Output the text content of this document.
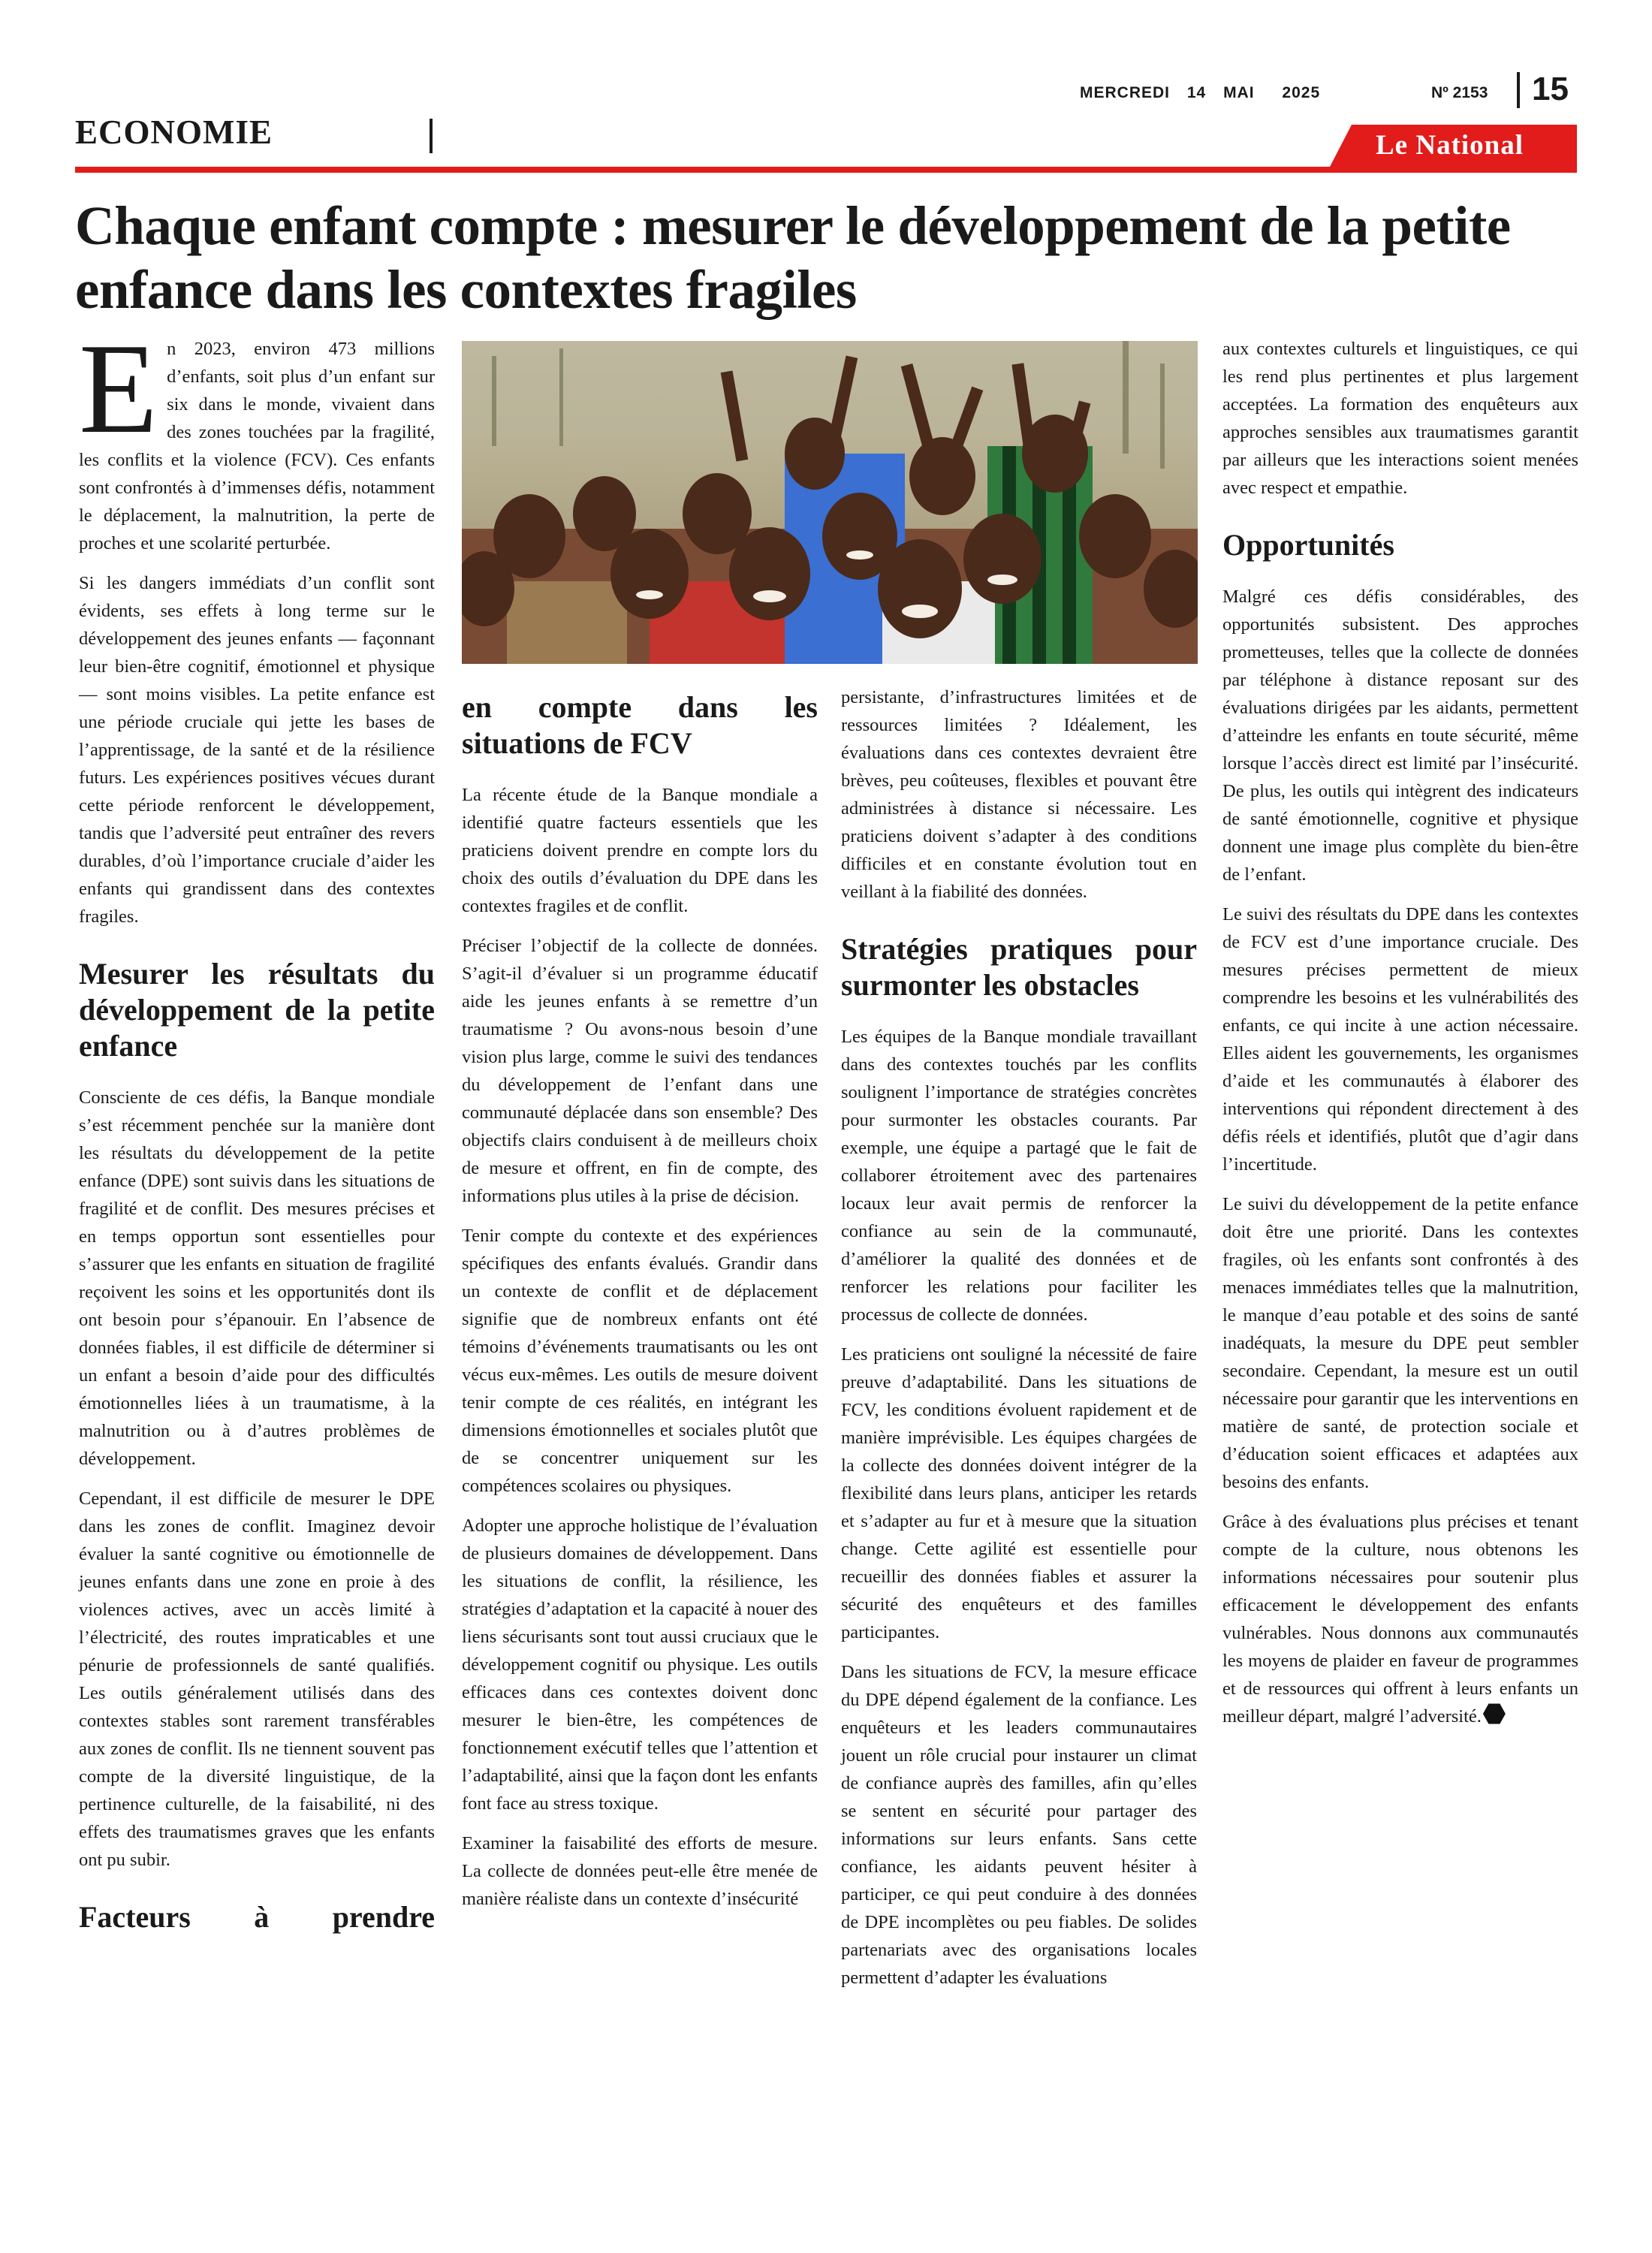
MERCREDI 14 MAI 2025	Nº 2153 15
ECONOMIE	Le National
Chaque enfant compte : mesurer le développement de la petite enfance dans les contextes fragiles

En 2023, environ 473 millions d’enfants, soit plus d’un enfant sur six dans le monde, vivaient dans des zones touchées par la fragilité, les conflits et la violence (FCV). Ces enfants sont confrontés à d’immenses défis, notamment le déplacement, la malnutrition, la perte de proches et une scolarité perturbée.

Si les dangers immédiats d’un conflit sont évidents, ses effets à long terme sur le développement des jeunes enfants — façonnant leur bien-être cognitif, émotionnel et physique — sont moins visibles. La petite enfance est une période cruciale qui jette les bases de l’apprentissage, de la santé et de la résilience futurs. Les expériences positives vécues durant cette période renforcent le développement, tandis que l’adversité peut entraîner des revers durables, d’où l’importance cruciale d’aider les enfants qui grandissent dans des contextes fragiles.

Mesurer les résultats du développement de la petite enfance

Consciente de ces défis, la Banque mondiale s’est récemment penchée sur la manière dont les résultats du développement de la petite enfance (DPE) sont suivis dans les situations de fragilité et de conflit. Des mesures précises et en temps opportun sont essentielles pour s’assurer que les enfants en situation de fragilité reçoivent les soins et les opportunités dont ils ont besoin pour s’épanouir. En l’absence de données fiables, il est difficile de déterminer si un enfant a besoin d’aide pour des difficultés émotionnelles liées à un traumatisme, à la malnutrition ou à d’autres problèmes de développement.

Cependant, il est difficile de mesurer le DPE dans les zones de conflit. Imaginez devoir évaluer la santé cognitive ou émotionnelle de jeunes enfants dans une zone en proie à des violences actives, avec un accès limité à l’électricité, des routes impraticables et une pénurie de professionnels de santé qualifiés. Les outils généralement utilisés dans des contextes stables sont rarement transférables aux zones de conflit. Ils ne tiennent souvent pas compte de la diversité linguistique, de la pertinence culturelle, de la faisabilité, ni des effets des traumatismes graves que les enfants ont pu subir.

Facteurs à prendre
en compte dans les situations de FCV

La récente étude de la Banque mondiale a identifié quatre facteurs essentiels que les praticiens doivent prendre en compte lors du choix des outils d’évaluation du DPE dans les contextes fragiles et de conflit.

Préciser l’objectif de la collecte de données. S’agit-il d’évaluer si un programme éducatif aide les jeunes enfants à se remettre d’un traumatisme ? Ou avons-nous besoin d’une vision plus large, comme le suivi des tendances du développement de l’enfant dans une communauté déplacée dans son ensemble? Des objectifs clairs conduisent à de meilleurs choix de mesure et offrent, en fin de compte, des informations plus utiles à la prise de décision.

Tenir compte du contexte et des expériences spécifiques des enfants évalués. Grandir dans un contexte de conflit et de déplacement signifie que de nombreux enfants ont été témoins d’événements traumatisants ou les ont vécus eux-mêmes. Les outils de mesure doivent tenir compte de ces réalités, en intégrant les dimensions émotionnelles et sociales plutôt que de se concentrer uniquement sur les compétences scolaires ou physiques.

Adopter une approche holistique de l’évaluation de plusieurs domaines de développement. Dans les situations de conflit, la résilience, les stratégies d’adaptation et la capacité à nouer des liens sécurisants sont tout aussi cruciaux que le développement cognitif ou physique. Les outils efficaces dans ces contextes doivent donc mesurer le bien-être, les compétences de fonctionnement exécutif telles que l’attention et l’adaptabilité, ainsi que la façon dont les enfants font face au stress toxique.

Examiner la faisabilité des efforts de mesure. La collecte de données peut-elle être menée de manière réaliste dans un contexte d’insécurité

persistante, d’infrastructures limitées et de ressources limitées ? Idéalement, les évaluations dans ces contextes devraient être brèves, peu coûteuses, flexibles et pouvant être administrées à distance si nécessaire. Les praticiens doivent s’adapter à des conditions difficiles et en constante évolution tout en veillant à la fiabilité des données.

Stratégies pratiques pour surmonter les obstacles

Les équipes de la Banque mondiale travaillant dans des contextes touchés par les conflits soulignent l’importance de stratégies concrètes pour surmonter les obstacles courants. Par exemple, une équipe a partagé que le fait de collaborer étroitement avec des partenaires locaux leur avait permis de renforcer la confiance au sein de la communauté, d’améliorer la qualité des données et de renforcer les relations pour faciliter les processus de collecte de données.

Les praticiens ont souligné la nécessité de faire preuve d’adaptabilité. Dans les situations de FCV, les conditions évoluent rapidement et de manière imprévisible. Les équipes chargées de la collecte des données doivent intégrer de la flexibilité dans leurs plans, anticiper les retards et s’adapter au fur et à mesure que la situation change. Cette agilité est essentielle pour recueillir des données fiables et assurer la sécurité des enquêteurs et des familles participantes.

Dans les situations de FCV, la mesure efficace du DPE dépend également de la confiance. Les enquêteurs et les leaders communautaires jouent un rôle crucial pour instaurer un climat de confiance auprès des familles, afin qu’elles se sentent en sécurité pour partager des informations sur leurs enfants. Sans cette confiance, les aidants peuvent hésiter à participer, ce qui peut conduire à des données de DPE incomplètes ou peu fiables. De solides partenariats avec des organisations locales permettent d’adapter les évaluations

aux contextes culturels et linguistiques, ce qui les rend plus pertinentes et plus largement acceptées. La formation des enquêteurs aux approches sensibles aux traumatismes garantit par ailleurs que les interactions soient menées avec respect et empathie.

Opportunités

Malgré ces défis considérables, des opportunités subsistent. Des approches prometteuses, telles que la collecte de données par téléphone à distance reposant sur des évaluations dirigées par les aidants, permettent d’atteindre les enfants en toute sécurité, même lorsque l’accès direct est limité par l’insécurité. De plus, les outils qui intègrent des indicateurs de santé émotionnelle, cognitive et physique donnent une image plus complète du bien-être de l’enfant.

Le suivi des résultats du DPE dans les contextes de FCV est d’une importance cruciale. Des mesures précises permettent de mieux comprendre les besoins et les vulnérabilités des enfants, ce qui incite à une action nécessaire. Elles aident les gouvernements, les organismes d’aide et les communautés à élaborer des interventions qui répondent directement à des défis réels et identifiés, plutôt que d’agir dans l’incertitude.

Le suivi du développement de la petite enfance doit être une priorité. Dans les contextes fragiles, où les enfants sont confrontés à des menaces immédiates telles que la malnutrition, le manque d’eau potable et des soins de santé inadéquats, la mesure du DPE peut sembler secondaire. Cependant, la mesure est un outil nécessaire pour garantir que les interventions en matière de santé, de protection sociale et d’éducation soient efficaces et adaptées aux besoins des enfants.

Grâce à des évaluations plus précises et tenant compte de la culture, nous obtenons les informations nécessaires pour soutenir plus efficacement le développement des enfants vulnérables. Nous donnons aux communautés les moyens de plaider en faveur de programmes et de ressources qui offrent à leurs enfants un meilleur départ, malgré l’adversité.
